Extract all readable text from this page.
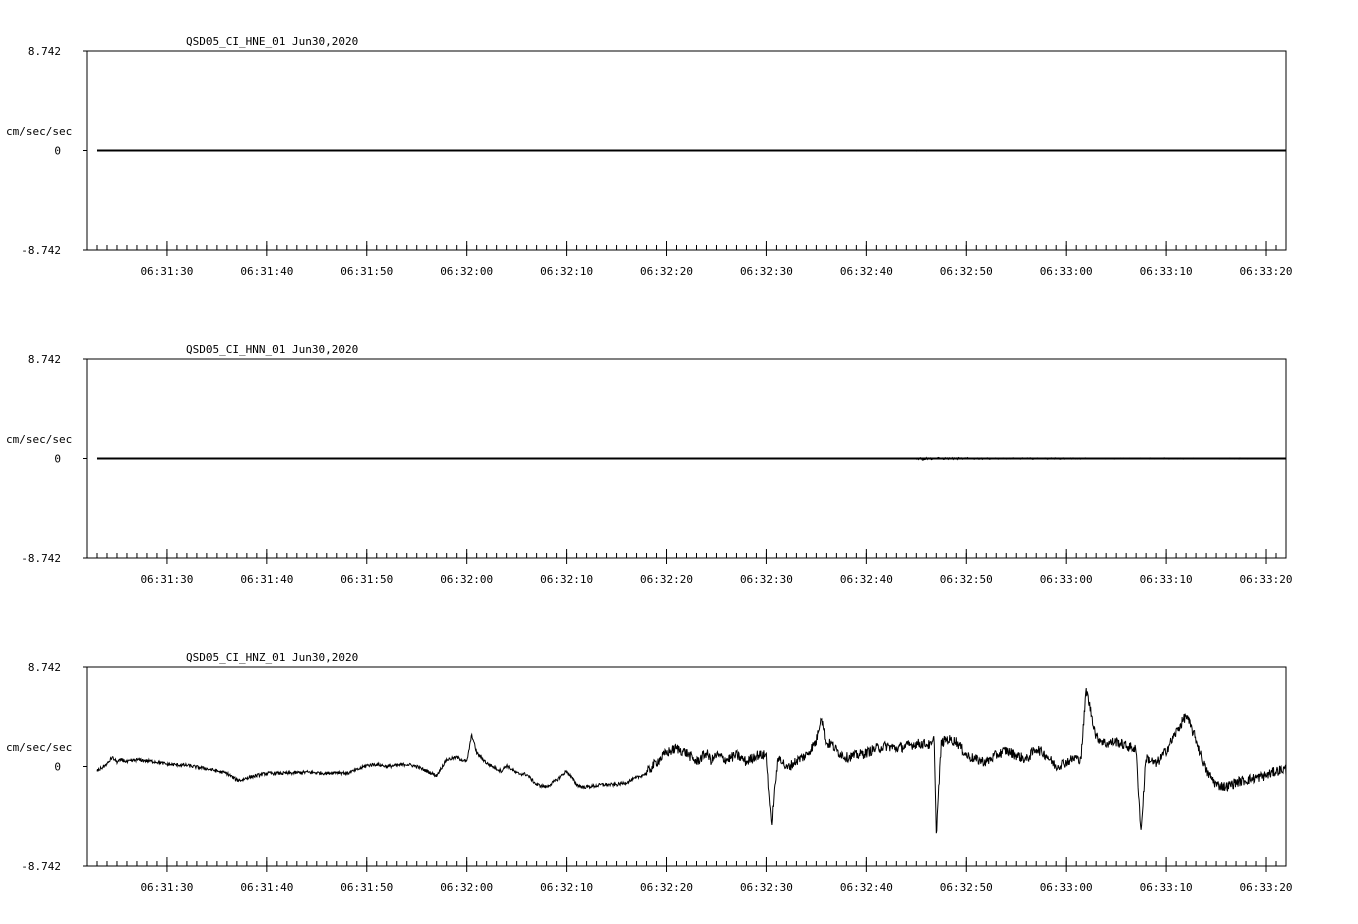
QSD05_CI_HNE_01 Jun30,2020
8.742
0
-8.742
cm/sec/sec
06:31:30	06:31:40	06:31:50	06:32:00	06:32:10	06:32:20	06:32:30	06:32:40	06:32:50	06:33:00	06:33:10	06:33:20
QSD05_CI_HNN_01 Jun30,2020
8.742
0
-8.742
cm/sec/sec
06:31:30	06:31:40	06:31:50	06:32:00	06:32:10	06:32:20	06:32:30	06:32:40	06:32:50	06:33:00	06:33:10	06:33:20
QSD05_CI_HNZ_01 Jun30,2020
8.742
0
-8.742
cm/sec/sec
06:31:30	06:31:40	06:31:50	06:32:00	06:32:10	06:32:20	06:32:30	06:32:40	06:32:50	06:33:00	06:33:10	06:33:20
